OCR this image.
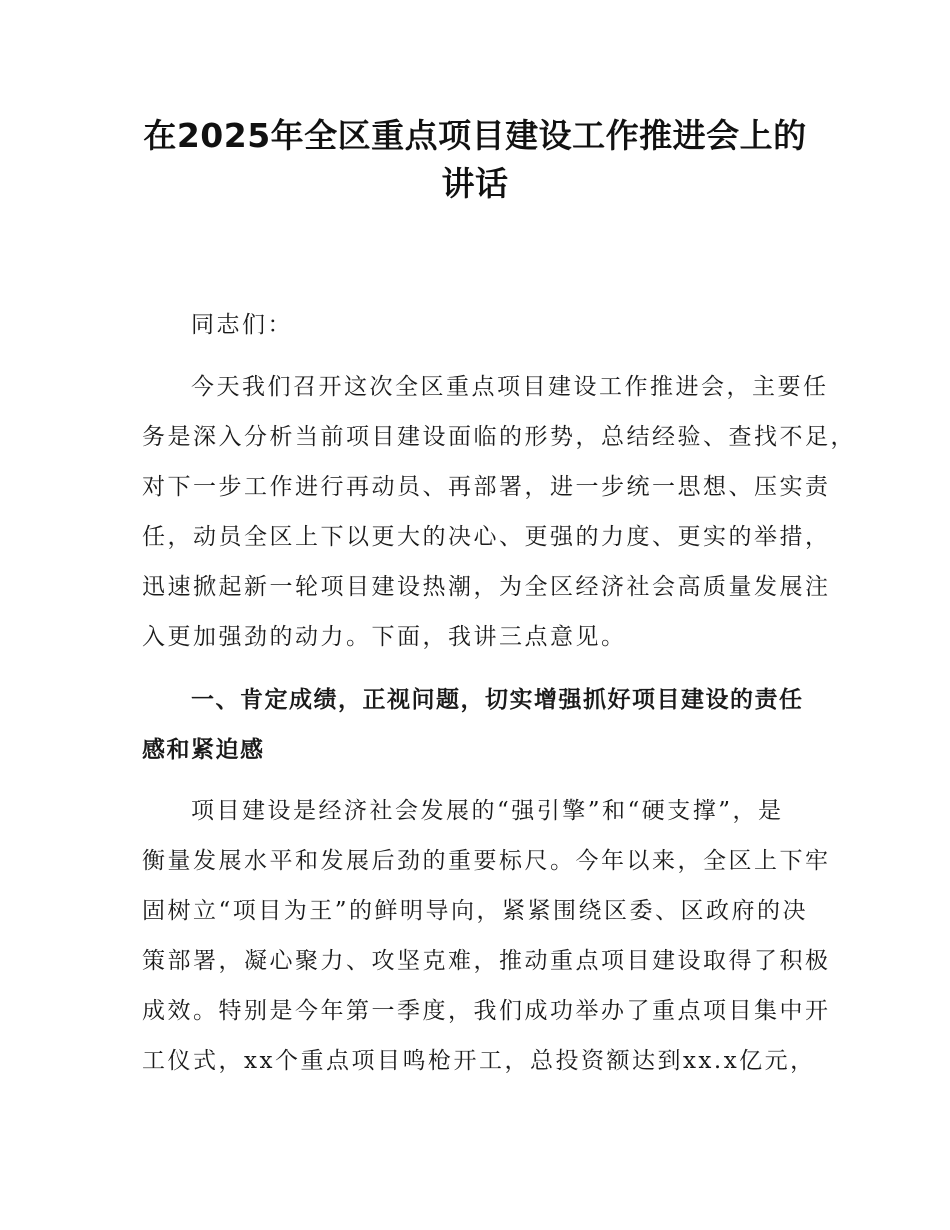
在2025年全区重点项目建设工作推进会上的
讲话

同志们：

今天我们召开这次全区重点项目建设工作推进会，主要任
务是深入分析当前项目建设面临的形势，总结经验、查找不足，
对下一步工作进行再动员、再部署，进一步统一思想、压实责
任，动员全区上下以更大的决心、更强的力度、更实的举措，
迅速掀起新一轮项目建设热潮，为全区经济社会高质量发展注
入更加强劲的动力。下面，我讲三点意见。
一、肯定成绩，正视问题，切实增强抓好项目建设的责任
感和紧迫感
项目建设是经济社会发展的“强引擎”和“硬支撑”，是
衡量发展水平和发展后劲的重要标尺。今年以来，全区上下牢
固树立“项目为王”的鲜明导向，紧紧围绕区委、区政府的决
策部署，凝心聚力、攻坚克难，推动重点项目建设取得了积极
成效。特别是今年第一季度，我们成功举办了重点项目集中开
工仪式，xx个重点项目鸣枪开工，总投资额达到xx.x亿元，
